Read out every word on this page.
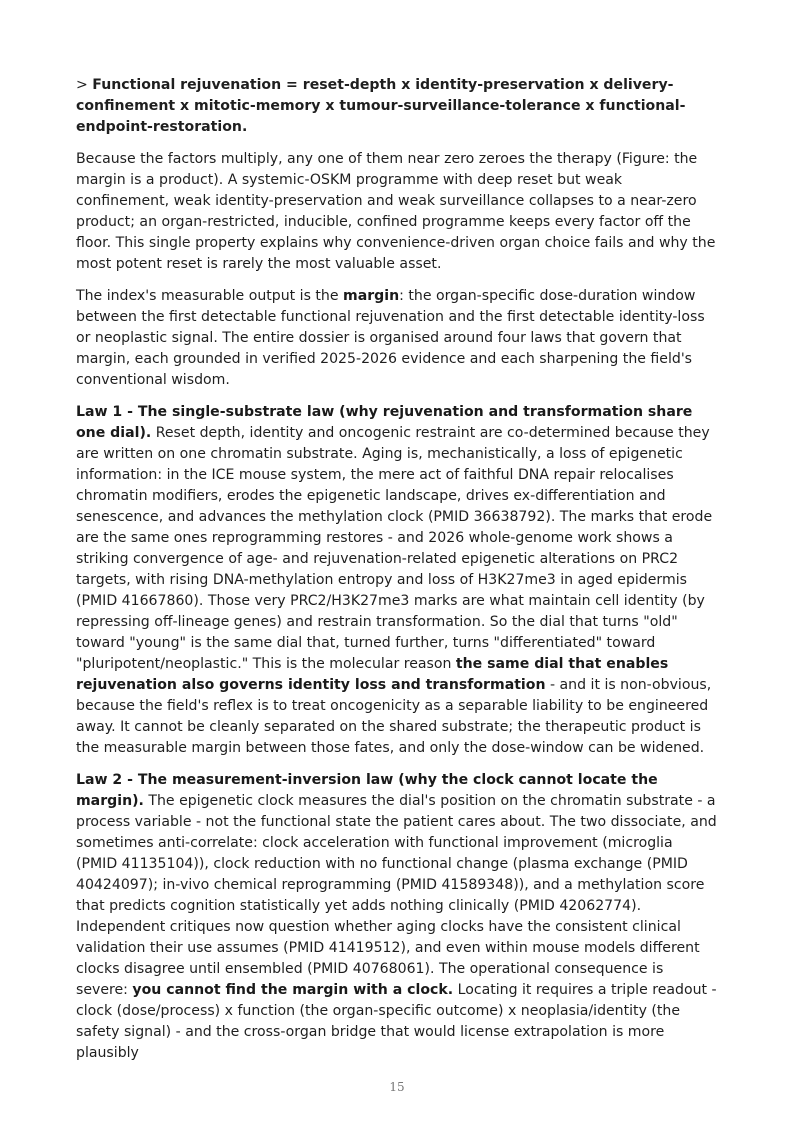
> Functional rejuvenation = reset-depth x identity-preservation x delivery-confinement x mitotic-memory x tumour-surveillance-tolerance x functional-endpoint-restoration.

Because the factors multiply, any one of them near zero zeroes the therapy (Figure: the margin is a product). A systemic-OSKM programme with deep reset but weak confinement, weak identity-preservation and weak surveillance collapses to a near-zero product; an organ-restricted, inducible, confined programme keeps every factor off the floor. This single property explains why convenience-driven organ choice fails and why the most potent reset is rarely the most valuable asset.

The index's measurable output is the margin: the organ-specific dose-duration window between the first detectable functional rejuvenation and the first detectable identity-loss or neoplastic signal. The entire dossier is organised around four laws that govern that margin, each grounded in verified 2025-2026 evidence and each sharpening the field's conventional wisdom.

Law 1 - The single-substrate law (why rejuvenation and transformation share one dial). Reset depth, identity and oncogenic restraint are co-determined because they are written on one chromatin substrate. Aging is, mechanistically, a loss of epigenetic information: in the ICE mouse system, the mere act of faithful DNA repair relocalises chromatin modifiers, erodes the epigenetic landscape, drives ex-differentiation and senescence, and advances the methylation clock (PMID 36638792). The marks that erode are the same ones reprogramming restores - and 2026 whole-genome work shows a striking convergence of age- and rejuvenation-related epigenetic alterations on PRC2 targets, with rising DNA-methylation entropy and loss of H3K27me3 in aged epidermis (PMID 41667860). Those very PRC2/H3K27me3 marks are what maintain cell identity (by repressing off-lineage genes) and restrain transformation. So the dial that turns "old" toward "young" is the same dial that, turned further, turns "differentiated" toward "pluripotent/neoplastic." This is the molecular reason the same dial that enables rejuvenation also governs identity loss and transformation - and it is non-obvious, because the field's reflex is to treat oncogenicity as a separable liability to be engineered away. It cannot be cleanly separated on the shared substrate; the therapeutic product is the measurable margin between those fates, and only the dose-window can be widened.

Law 2 - The measurement-inversion law (why the clock cannot locate the margin). The epigenetic clock measures the dial's position on the chromatin substrate - a process variable - not the functional state the patient cares about. The two dissociate, and sometimes anti-correlate: clock acceleration with functional improvement (microglia (PMID 41135104)), clock reduction with no functional change (plasma exchange (PMID 40424097); in-vivo chemical reprogramming (PMID 41589348)), and a methylation score that predicts cognition statistically yet adds nothing clinically (PMID 42062774). Independent critiques now question whether aging clocks have the consistent clinical validation their use assumes (PMID 41419512), and even within mouse models different clocks disagree until ensembled (PMID 40768061). The operational consequence is severe: you cannot find the margin with a clock. Locating it requires a triple readout - clock (dose/process) x function (the organ-specific outcome) x neoplasia/identity (the safety signal) - and the cross-organ bridge that would license extrapolation is more plausibly

15
